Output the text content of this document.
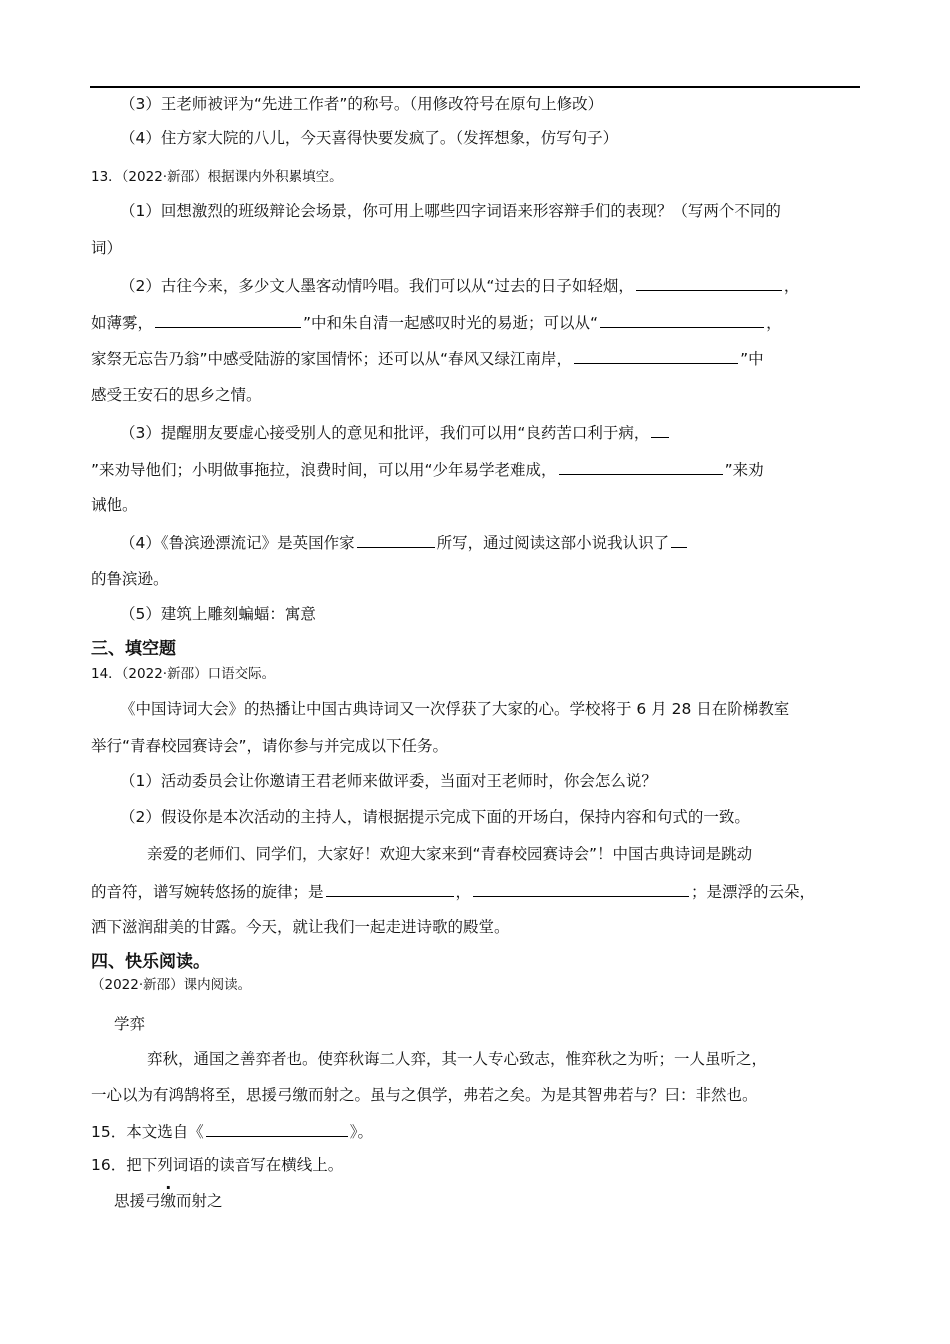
（3）王老师被评为“先进工作者”的称号。（用修改符号在原句上修改）
（4）住方家大院的八儿，今天喜得快要发疯了。（发挥想象，仿写句子）
13．（2022·新邵）根据课内外积累填空。
（1）回想激烈的班级辩论会场景，你可用上哪些四字词语来形容辩手们的表现？（写两个不同的
词）
（2）古往今来，多少文人墨客动情吟唱。我们可以从“过去的日子如轻烟，	，
如薄雾，	”中和朱自清一起感叹时光的易逝；可以从“	，
家祭无忘告乃翁”中感受陆游的家国情怀；还可以从“春风又绿江南岸，	”中
感受王安石的思乡之情。
（3）提醒朋友要虚心接受别人的意见和批评，我们可以用“良药苦口利于病，
”来劝导他们；小明做事拖拉，浪费时间，可以用“少年易学老难成，	”来劝
诫他。
（4）《鲁滨逊漂流记》是英国作家	所写，通过阅读这部小说我认识了
的鲁滨逊。
（5）建筑上雕刻蝙蝠：寓意
三、填空题
14．（2022·新邵）口语交际。
《中国诗词大会》的热播让中国古典诗词又一次俘获了大家的心。学校将于 6 月 28 日在阶梯教室
举行“青春校园赛诗会”，请你参与并完成以下任务。
（1）活动委员会让你邀请王君老师来做评委，当面对王老师时，你会怎么说？
（2）假设你是本次活动的主持人，请根据提示完成下面的开场白，保持内容和句式的一致。
亲爱的老师们、同学们，大家好！欢迎大家来到“青春校园赛诗会”！中国古典诗词是跳动
的音符，谱写婉转悠扬的旋律；是	，	；是漂浮的云朵，
洒下滋润甜美的甘露。今天，就让我们一起走进诗歌的殿堂。
四、快乐阅读。
（2022·新邵）课内阅读。
学弈
弈秋，通国之善弈者也。使弈秋诲二人弈，其一人专心致志，惟弈秋之为听；一人虽听之，
一心以为有鸿鹄将至，思援弓缴而射之。虽与之俱学，弗若之矣。为是其智弗若与？曰：非然也。
15．本文选自《	》。
16．把下列词语的读音写在横线上。
思援弓缴而射之
